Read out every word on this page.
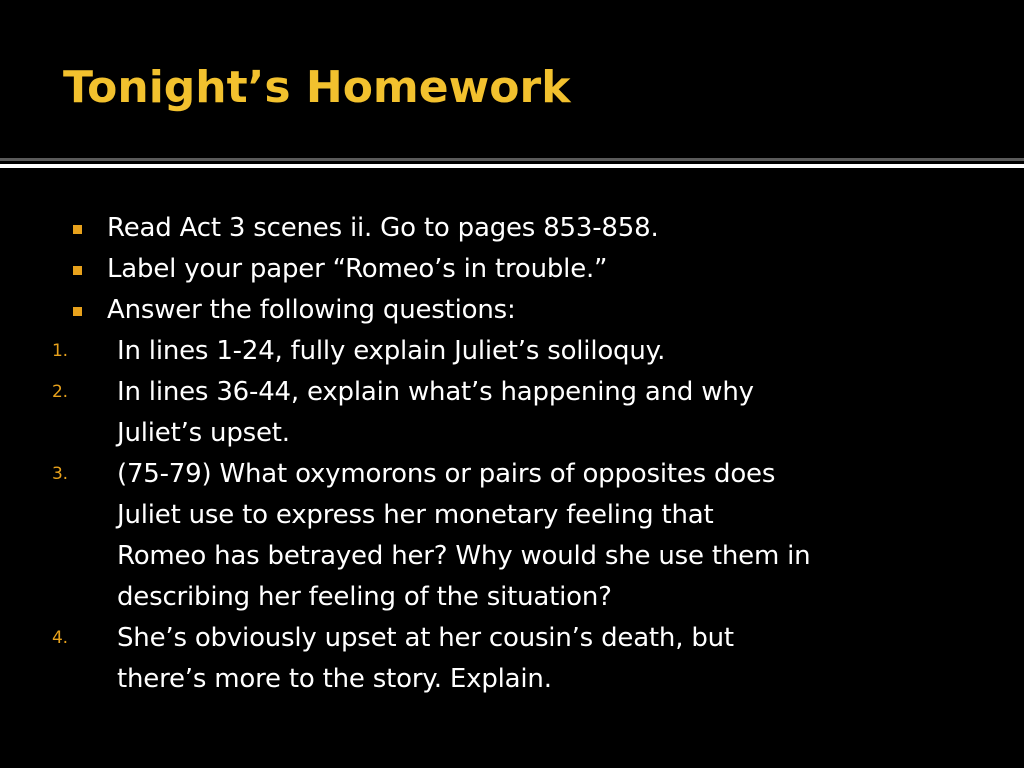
Tonight’s Homework
Read Act 3 scenes ii. Go to pages 853-858.
Label your paper “Romeo’s in trouble.”
Answer the following questions:
1. In lines 1-24, fully explain Juliet’s soliloquy.
2. In lines 36-44, explain what’s happening and why
Juliet’s upset.
3. (75-79) What oxymorons or pairs of opposites does
Juliet use to express her monetary feeling that
Romeo has betrayed her? Why would she use them in
describing her feeling of the situation?
4. She’s obviously upset at her cousin’s death, but
there’s more to the story. Explain.
